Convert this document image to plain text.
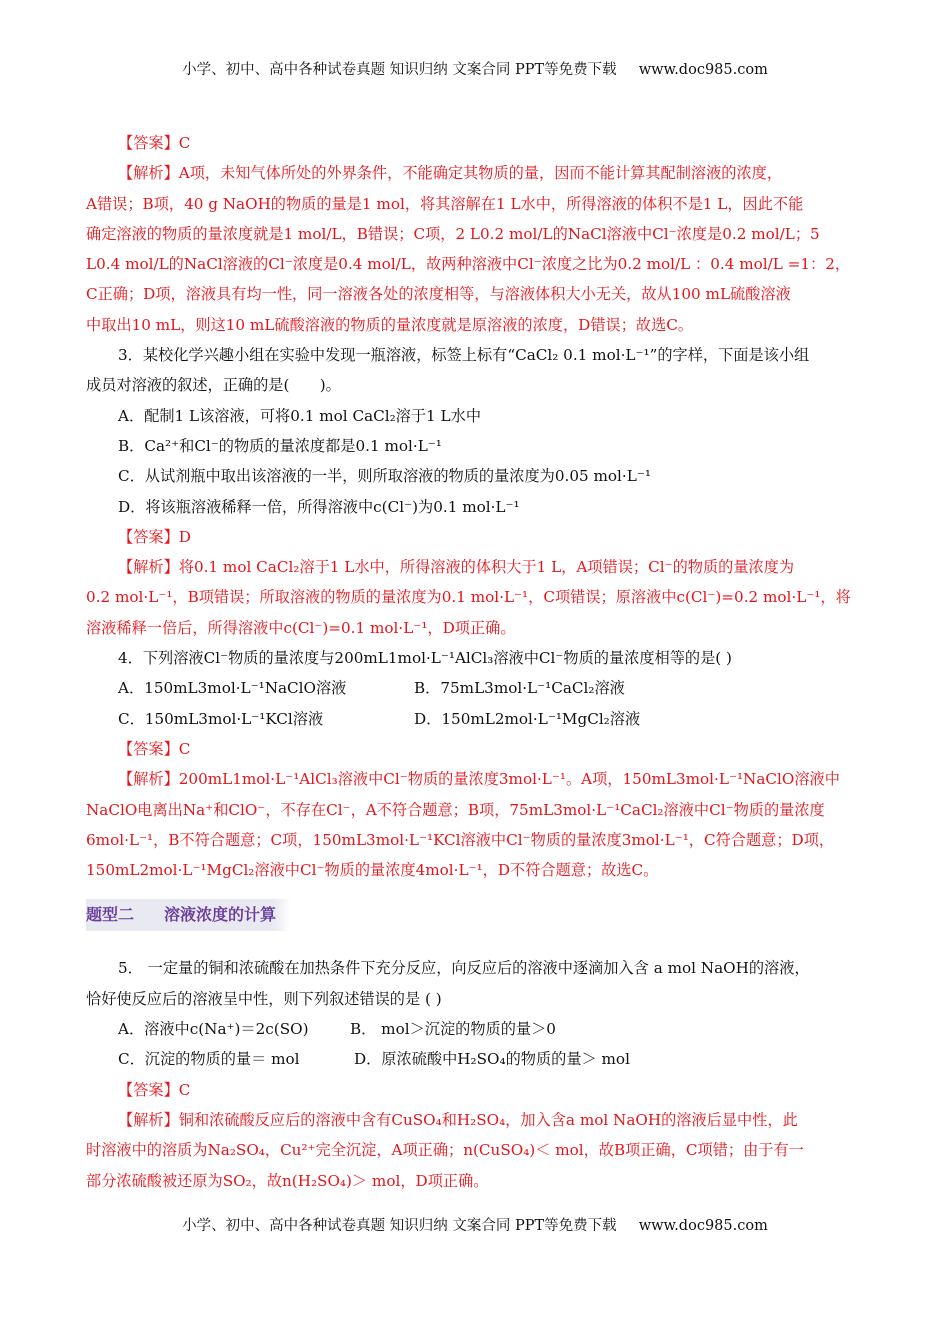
小学、初中、高中各种试卷真题 知识归纳 文案合同 PPT等免费下载 www.doc985.com
【答案】C
【解析】A项，未知气体所处的外界条件，不能确定其物质的量，因而不能计算其配制溶液的浓度，
A错误；B项，40 g NaOH的物质的量是1 mol，将其溶解在1 L水中，所得溶液的体积不是1 L，因此不能
确定溶液的物质的量浓度就是1 mol/L，B错误；C项，2 L0.2 mol/L的NaCl溶液中Cl⁻浓度是0.2 mol/L；5
L0.4 mol/L的NaCl溶液的Cl⁻浓度是0.4 mol/L，故两种溶液中Cl⁻浓度之比为0.2 mol/L ：0.4 mol/L =1：2，
C正确；D项，溶液具有均一性，同一溶液各处的浓度相等，与溶液体积大小无关，故从100 mL硫酸溶液
中取出10 mL，则这10 mL硫酸溶液的物质的量浓度就是原溶液的浓度，D错误；故选C。
3．某校化学兴趣小组在实验中发现一瓶溶液，标签上标有“CaCl₂ 0.1 mol·L⁻¹”的字样，下面是该小组
成员对溶液的叙述，正确的是(　　)。
A．配制1 L该溶液，可将0.1 mol CaCl₂溶于1 L水中
B．Ca²⁺和Cl⁻的物质的量浓度都是0.1 mol·L⁻¹
C．从试剂瓶中取出该溶液的一半，则所取溶液的物质的量浓度为0.05 mol·L⁻¹
D．将该瓶溶液稀释一倍，所得溶液中c(Cl⁻)为0.1 mol·L⁻¹
【答案】D
【解析】将0.1 mol CaCl₂溶于1 L水中，所得溶液的体积大于1 L，A项错误；Cl⁻的物质的量浓度为
0.2 mol·L⁻¹，B项错误；所取溶液的物质的量浓度为0.1 mol·L⁻¹，C项错误；原溶液中c(Cl⁻)=0.2 mol·L⁻¹，将
溶液稀释一倍后，所得溶液中c(Cl⁻)=0.1 mol·L⁻¹，D项正确。
4．下列溶液Cl⁻物质的量浓度与200mL1mol·L⁻¹AlCl₃溶液中Cl⁻物质的量浓度相等的是( )
A．150mL3mol·L⁻¹NaClO溶液	B．75mL3mol·L⁻¹CaCl₂溶液
C．150mL3mol·L⁻¹KCl溶液	D．150mL2mol·L⁻¹MgCl₂溶液
【答案】C
【解析】200mL1mol·L⁻¹AlCl₃溶液中Cl⁻物质的量浓度3mol·L⁻¹。A项，150mL3mol·L⁻¹NaClO溶液中
NaClO电离出Na⁺和ClO⁻，不存在Cl⁻，A不符合题意；B项，75mL3mol·L⁻¹CaCl₂溶液中Cl⁻物质的量浓度
6mol·L⁻¹，B不符合题意；C项，150mL3mol·L⁻¹KCl溶液中Cl⁻物质的量浓度3mol·L⁻¹，C符合题意；D项，
150mL2mol·L⁻¹MgCl₂溶液中Cl⁻物质的量浓度4mol·L⁻¹，D不符合题意；故选C。
题型二 溶液浓度的计算
5． 一定量的铜和浓硫酸在加热条件下充分反应，向反应后的溶液中逐滴加入含 a mol NaOH的溶液，
恰好使反应后的溶液呈中性，则下列叙述错误的是 ( )
A．溶液中c(Na⁺)＝2c(SO)	B． mol＞沉淀的物质的量＞0
C．沉淀的物质的量＝ mol	D．原浓硫酸中H₂SO₄的物质的量＞ mol
【答案】C
【解析】铜和浓硫酸反应后的溶液中含有CuSO₄和H₂SO₄，加入含a mol NaOH的溶液后显中性，此
时溶液中的溶质为Na₂SO₄，Cu²⁺完全沉淀，A项正确；n(CuSO₄)＜ mol，故B项正确，C项错；由于有一
部分浓硫酸被还原为SO₂，故n(H₂SO₄)＞ mol，D项正确。
小学、初中、高中各种试卷真题 知识归纳 文案合同 PPT等免费下载 www.doc985.com
